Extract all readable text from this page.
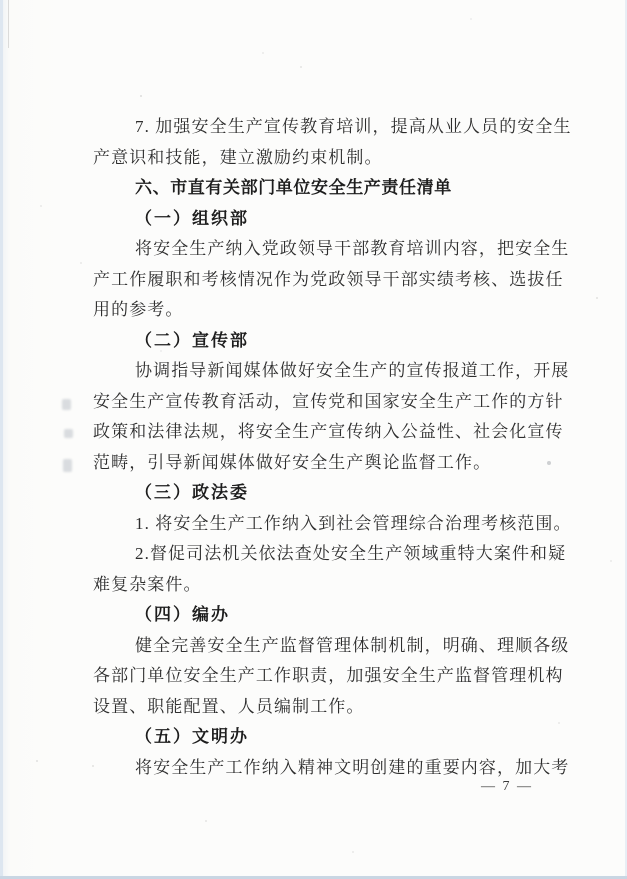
7. 加强安全生产宣传教育培训，提高从业人员的安全生
产意识和技能，建立激励约束机制。
六、市直有关部门单位安全生产责任清单
（一）组织部
将安全生产纳入党政领导干部教育培训内容，把安全生
产工作履职和考核情况作为党政领导干部实绩考核、选拔任
用的参考。
（二）宣传部
协调指导新闻媒体做好安全生产的宣传报道工作，开展
安全生产宣传教育活动，宣传党和国家安全生产工作的方针
政策和法律法规，将安全生产宣传纳入公益性、社会化宣传
范畴，引导新闻媒体做好安全生产舆论监督工作。
（三）政法委
1. 将安全生产工作纳入到社会管理综合治理考核范围。
2.督促司法机关依法查处安全生产领域重特大案件和疑
难复杂案件。
（四）编办
健全完善安全生产监督管理体制机制，明确、理顺各级
各部门单位安全生产工作职责，加强安全生产监督管理机构
设置、职能配置、人员编制工作。
（五）文明办
将安全生产工作纳入精神文明创建的重要内容，加大考
— 7 —
